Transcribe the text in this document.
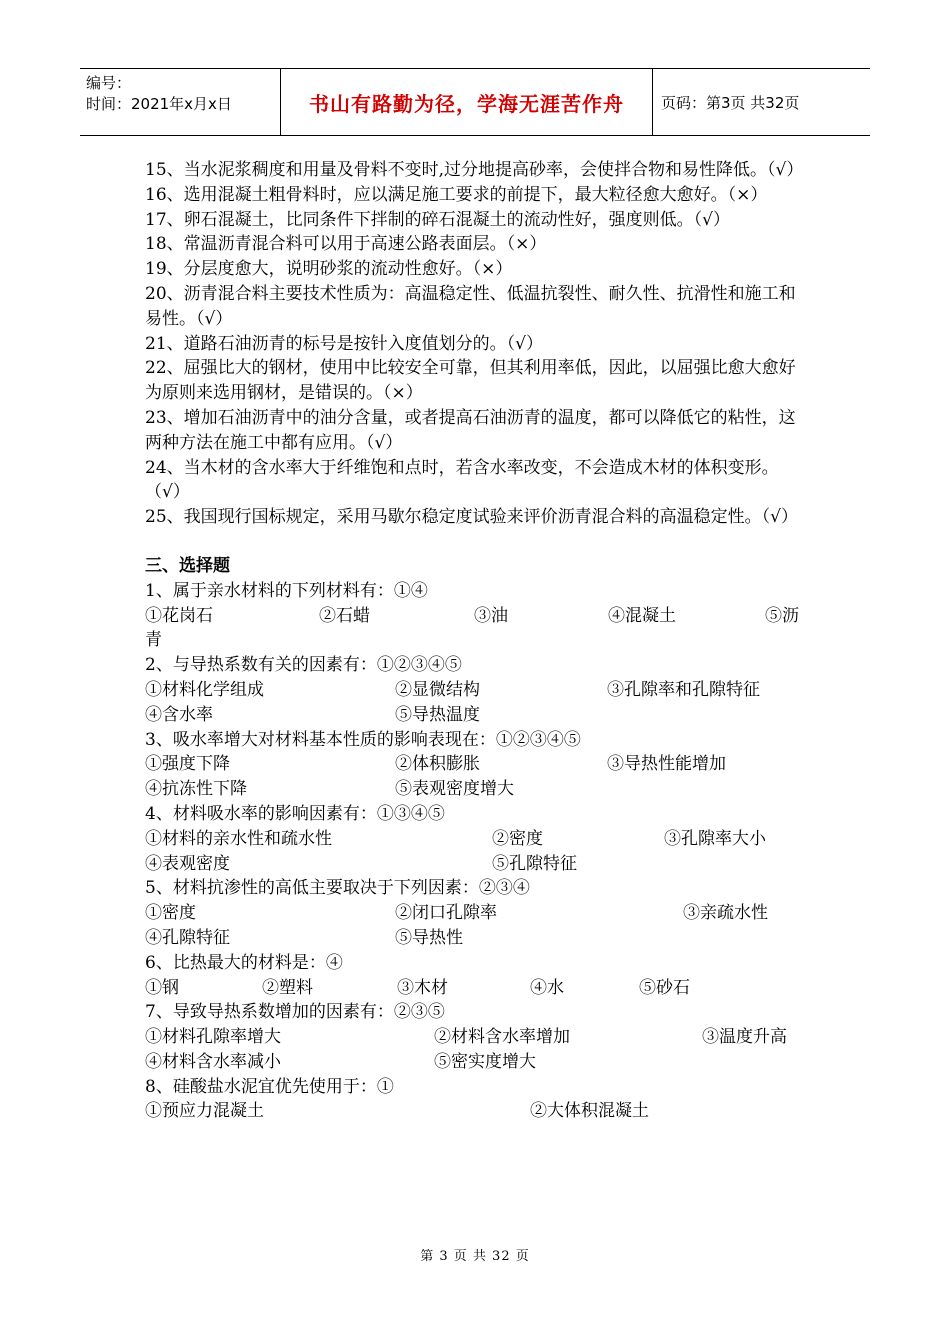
编号：
时间：2021年x月x日	书山有路勤为径，学海无涯苦作舟 页码：第3页 共32页

15、当水泥浆稠度和用量及骨料不变时,过分地提高砂率，会使拌合物和易性降低。（√）

16、选用混凝土粗骨料时，应以满足施工要求的前提下，最大粒径愈大愈好。（×）

17、卵石混凝土，比同条件下拌制的碎石混凝土的流动性好，强度则低。（√）

18、常温沥青混合料可以用于高速公路表面层。（×）

19、分层度愈大，说明砂浆的流动性愈好。（×）

20、沥青混合料主要技术性质为：高温稳定性、低温抗裂性、耐久性、抗滑性和施工和易性。（√）

21、道路石油沥青的标号是按针入度值划分的。（√）

22、屈强比大的钢材，使用中比较安全可靠，但其利用率低，因此，以屈强比愈大愈好为原则来选用钢材，是错误的。（×）

23、增加石油沥青中的油分含量，或者提高石油沥青的温度，都可以降低它的粘性，这两种方法在施工中都有应用。（√）

24、当木材的含水率大于纤维饱和点时，若含水率改变，不会造成木材的体积变形。（√）

25、我国现行国标规定，采用马歇尔稳定度试验来评价沥青混合料的高温稳定性。（√）

三、选择题

1、属于亲水材料的下列材料有：①④

①花岗石	②石蜡	③油	④混凝土	⑤沥

青

2、与导热系数有关的因素有：①②③④⑤

①材料化学组成	②显微结构	③孔隙率和孔隙特征
④含水率	⑤导热温度

3、吸水率增大对材料基本性质的影响表现在：①②③④⑤

①强度下降	②体积膨胀	③导热性能增加
④抗冻性下降	⑤表观密度增大

4、材料吸水率的影响因素有：①③④⑤

①材料的亲水性和疏水性	②密度	③孔隙率大小
④表观密度	⑤孔隙特征

5、材料抗渗性的高低主要取决于下列因素：②③④

①密度	②闭口孔隙率	③亲疏水性
④孔隙特征	⑤导热性

6、比热最大的材料是：④

①钢	②塑料	③木材	④水	⑤砂石

7、导致导热系数增加的因素有：②③⑤

①材料孔隙率增大	②材料含水率增加	③温度升高
④材料含水率减小	⑤密实度增大

8、硅酸盐水泥宜优先使用于：①

①预应力混凝土	②大体积混凝土
第 3 页 共 32 页
